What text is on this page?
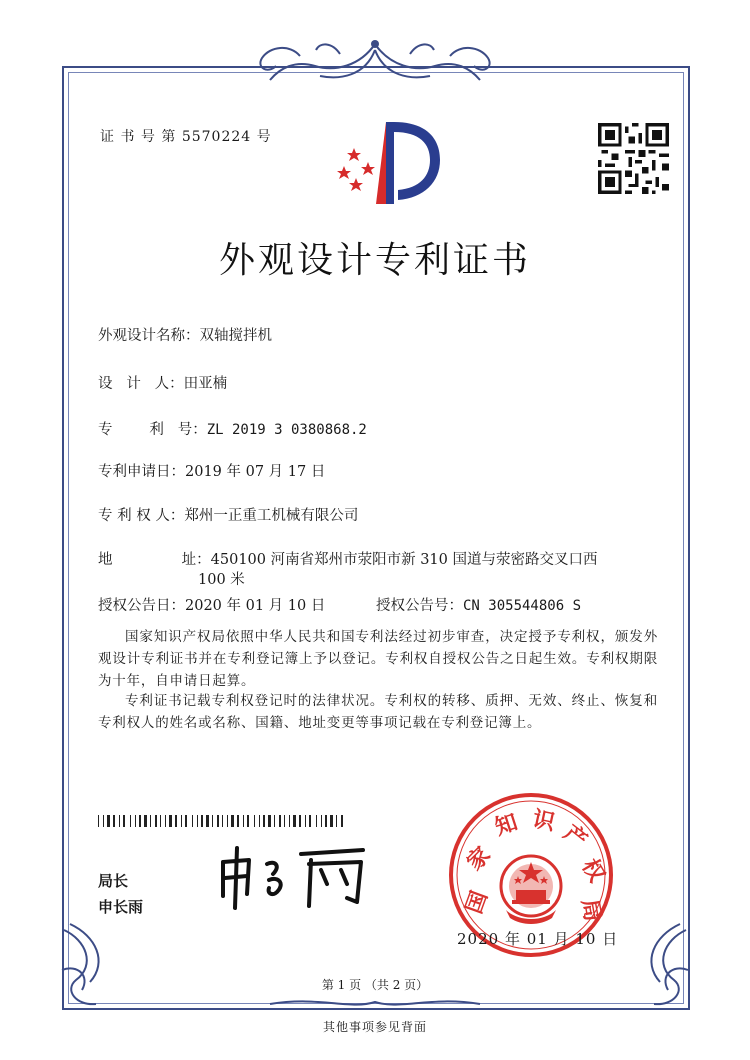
证 书 号 第 5570224 号
外观设计专利证书
外观设计名称：双轴搅拌机
设   计   人：田亚楠
专        利   号：ZL 2019 3 0380868.2
专利申请日：2019 年 07 月 17 日
专 利 权 人：郑州一正重工机械有限公司
地               址：450100 河南省郑州市荥阳市新 310 国道与荥密路交叉口西
100 米
授权公告日：2020 年 01 月 10 日	授权公告号：CN 305544806 S
国家知识产权局依照中华人民共和国专利法经过初步审查，决定授予专利权，颁发外观设计专利证书并在专利登记簿上予以登记。专利权自授权公告之日起生效。专利权期限为十年，自申请日起算。
专利证书记载专利权登记时的法律状况。专利权的转移、质押、无效、终止、恢复和专利权人的姓名或名称、国籍、地址变更等事项记载在专利登记簿上。
局长
申长雨	国
家
知 识 产
权
局
2020 年 01 月 10 日
第 1 页 （共 2 页）
其他事项参见背面
